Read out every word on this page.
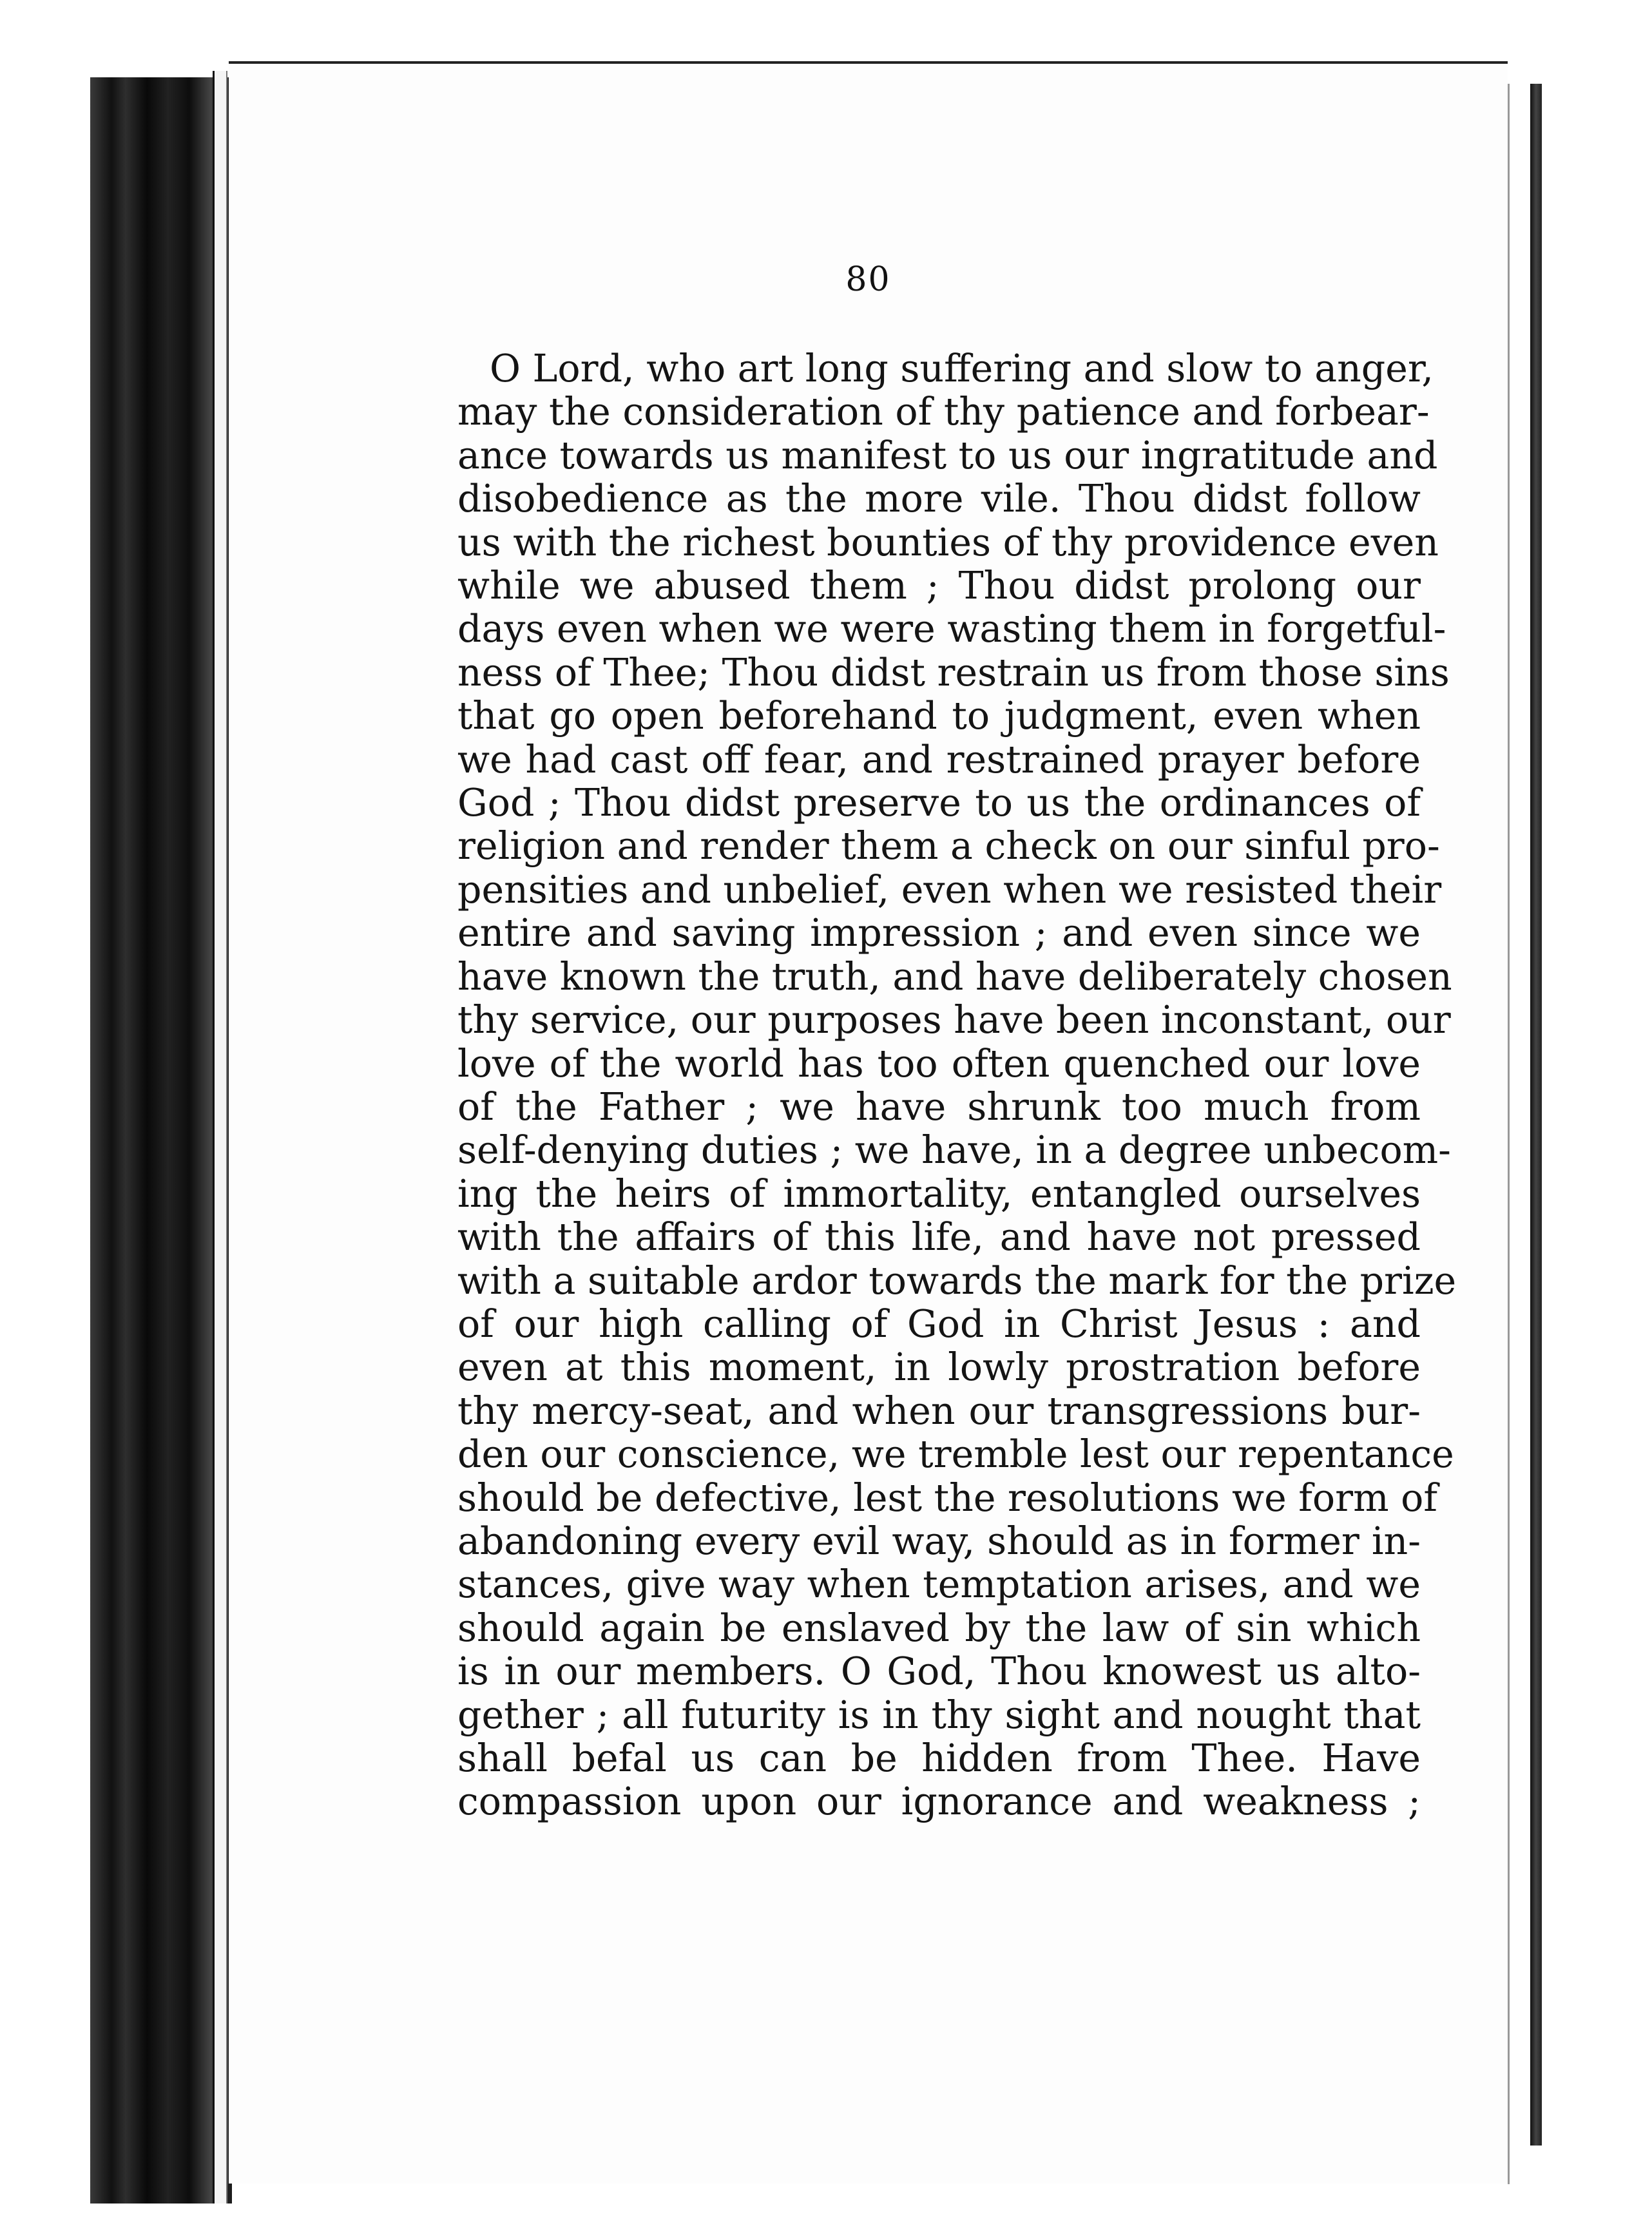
80
O Lord, who art long suffering and slow to anger,
may the consideration of thy patience and forbear-
ance towards us manifest to us our ingratitude and
disobedience as the more vile. Thou didst follow
us with the richest bounties of thy providence even
while we abused them ; Thou didst prolong our
days even when we were wasting them in forgetful-
ness of Thee; Thou didst restrain us from those sins
that go open beforehand to judgment, even when
we had cast off fear, and restrained prayer before
God ; Thou didst preserve to us the ordinances of
religion and render them a check on our sinful pro-
pensities and unbelief, even when we resisted their
entire and saving impression ; and even since we
have known the truth, and have deliberately chosen
thy service, our purposes have been inconstant, our
love of the world has too often quenched our love
of the Father ; we have shrunk too much from
self-denying duties ; we have, in a degree unbecom-
ing the heirs of immortality, entangled ourselves
with the affairs of this life, and have not pressed
with a suitable ardor towards the mark for the prize
of our high calling of God in Christ Jesus : and
even at this moment, in lowly prostration before
thy mercy-seat, and when our transgressions bur-
den our conscience, we tremble lest our repentance
should be defective, lest the resolutions we form of
abandoning every evil way, should as in former in-
stances, give way when temptation arises, and we
should again be enslaved by the law of sin which
is in our members. O God, Thou knowest us alto-
gether ; all futurity is in thy sight and nought that
shall befal us can be hidden from Thee. Have
compassion upon our ignorance and weakness ;
